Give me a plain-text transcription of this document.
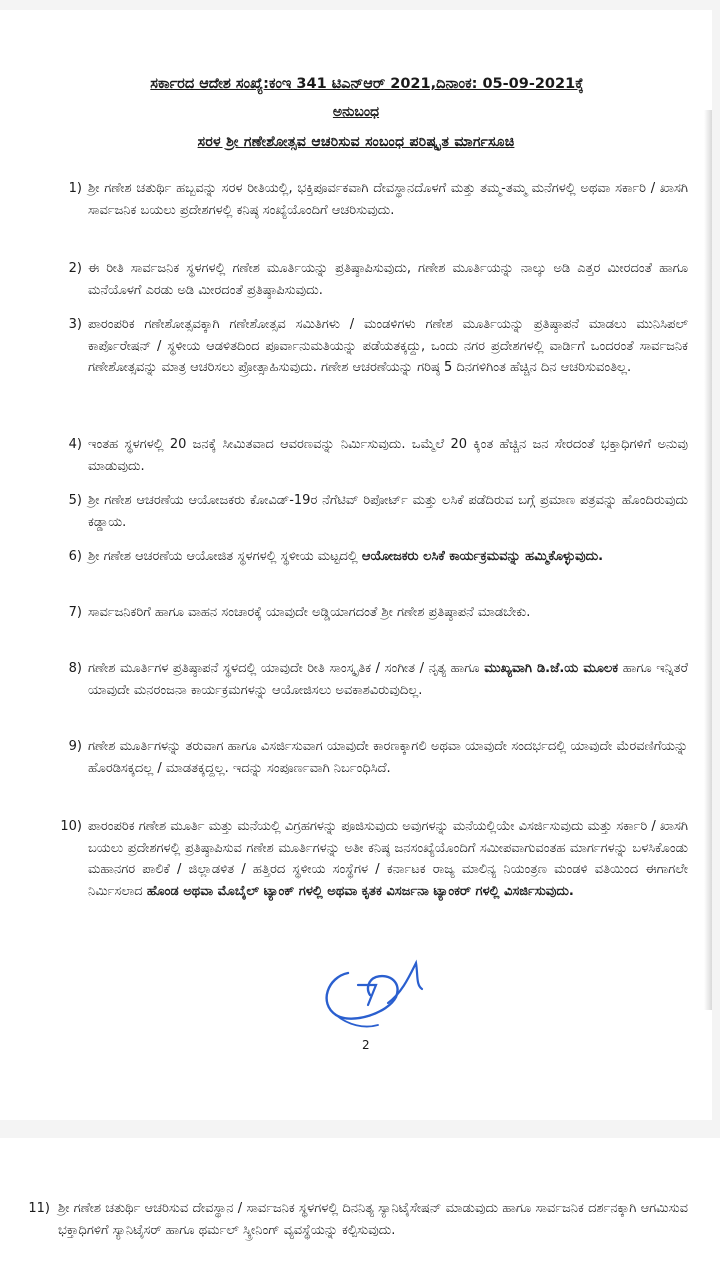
ಸರ್ಕಾರದ ಆದೇಶ ಸಂಖ್ಯೆ:ಕಂಇ 341 ಟಿಎನ್ಆರ್ 2021,ದಿನಾಂಕ: 05-09-2021ಕ್ಕೆ
ಅನುಬಂಧ
ಸರಳ ಶ್ರೀ ಗಣೇಶೋತ್ಸವ ಆಚರಿಸುವ ಸಂಬಂಧ ಪರಿಷ್ಕೃತ ಮಾರ್ಗಸೂಚಿ
1) ಶ್ರೀ ಗಣೇಶ ಚತುರ್ಥಿ ಹಬ್ಬವನ್ನು ಸರಳ ರೀತಿಯಲ್ಲಿ, ಭಕ್ತಿಪೂರ್ವಕವಾಗಿ ದೇವಸ್ಥಾನದೊಳಗೆ ಮತ್ತು ತಮ್ಮ-ತಮ್ಮ ಮನೆಗಳಲ್ಲಿ ಅಥವಾ ಸರ್ಕಾರಿ / ಖಾಸಗಿ ಸಾರ್ವಜನಿಕ ಬಯಲು ಪ್ರದೇಶಗಳಲ್ಲಿ ಕನಿಷ್ಠ ಸಂಖ್ಯೆಯೊಂದಿಗೆ ಆಚರಿಸುವುದು.
2) ಈ ರೀತಿ ಸಾರ್ವಜನಿಕ ಸ್ಥಳಗಳಲ್ಲಿ ಗಣೇಶ ಮೂರ್ತಿಯನ್ನು ಪ್ರತಿಷ್ಠಾಪಿಸುವುದು, ಗಣೇಶ ಮೂರ್ತಿಯನ್ನು ನಾಲ್ಕು ಅಡಿ ಎತ್ತರ ಮೀರದಂತೆ ಹಾಗೂ ಮನೆಯೊಳಗೆ ಎರಡು ಅಡಿ ಮೀರದಂತೆ ಪ್ರತಿಷ್ಠಾಪಿಸುವುದು.
3) ಪಾರಂಪರಿಕ ಗಣೇಶೋತ್ಸವಕ್ಕಾಗಿ ಗಣೇಶೋತ್ಸವ ಸಮಿತಿಗಳು / ಮಂಡಳಿಗಳು ಗಣೇಶ ಮೂರ್ತಿಯನ್ನು ಪ್ರತಿಷ್ಠಾಪನೆ ಮಾಡಲು ಮುನಿಸಿಪಲ್ ಕಾರ್ಪೊರೇಷನ್ / ಸ್ಥಳೀಯ ಆಡಳಿತದಿಂದ ಪೂರ್ವಾನುಮತಿಯನ್ನು ಪಡೆಯತಕ್ಕದ್ದು, ಒಂದು ನಗರ ಪ್ರದೇಶಗಳಲ್ಲಿ ವಾರ್ಡಿಗೆ ಒಂದರಂತೆ ಸಾರ್ವಜನಿಕ ಗಣೇಶೋತ್ಸವನ್ನು ಮಾತ್ರ ಆಚರಿಸಲು ಪ್ರೋತ್ಸಾಹಿಸುವುದು. ಗಣೇಶ ಆಚರಣೆಯನ್ನು ಗರಿಷ್ಠ 5 ದಿನಗಳಿಗಿಂತ ಹೆಚ್ಚಿನ ದಿನ ಆಚರಿಸುವಂತಿಲ್ಲ.
4) ಇಂತಹ ಸ್ಥಳಗಳಲ್ಲಿ 20 ಜನಕ್ಕೆ ಸೀಮಿತವಾದ ಆವರಣವನ್ನು ನಿರ್ಮಿಸುವುದು. ಒಮ್ಮೆಲೆ 20 ಕ್ಕಿಂತ ಹೆಚ್ಚಿನ ಜನ ಸೇರದಂತೆ ಭಕ್ತಾಧಿಗಳಿಗೆ ಅನುವು ಮಾಡುವುದು.
5) ಶ್ರೀ ಗಣೇಶ ಆಚರಣೆಯ ಆಯೋಜಕರು ಕೋವಿಡ್-19ರ ನೆಗೆಟಿವ್ ರಿಪೋರ್ಟ್ ಮತ್ತು ಲಸಿಕೆ ಪಡೆದಿರುವ ಬಗ್ಗೆ ಪ್ರಮಾಣ ಪತ್ರವನ್ನು ಹೊಂದಿರುವುದು ಕಡ್ಡಾಯ.
6) ಶ್ರೀ ಗಣೇಶ ಆಚರಣೆಯ ಆಯೋಜಿತ ಸ್ಥಳಗಳಲ್ಲಿ ಸ್ಥಳೀಯ ಮಟ್ಟದಲ್ಲಿ ಆಯೋಜಕರು ಲಸಿಕೆ ಕಾರ್ಯಕ್ರಮವನ್ನು ಹಮ್ಮಿಕೊಳ್ಳುವುದು.
7) ಸಾರ್ವಜನಿಕರಿಗೆ ಹಾಗೂ ವಾಹನ ಸಂಚಾರಕ್ಕೆ ಯಾವುದೇ ಅಡ್ಡಿಯಾಗದಂತೆ ಶ್ರೀ ಗಣೇಶ ಪ್ರತಿಷ್ಠಾಪನೆ ಮಾಡಬೇಕು.
8) ಗಣೇಶ ಮೂರ್ತಿಗಳ ಪ್ರತಿಷ್ಠಾಪನೆ ಸ್ಥಳದಲ್ಲಿ ಯಾವುದೇ ರೀತಿ ಸಾಂಸ್ಕೃತಿಕ / ಸಂಗೀತ / ನೃತ್ಯ ಹಾಗೂ ಮುಖ್ಯವಾಗಿ ಡಿ.ಜೆ.ಯ ಮೂಲಕ ಹಾಗೂ ಇನ್ನಿತರೆ ಯಾವುದೇ ಮನರಂಜನಾ ಕಾರ್ಯಕ್ರಮಗಳನ್ನು ಆಯೋಜಿಸಲು ಅವಕಾಶವಿರುವುದಿಲ್ಲ.
9) ಗಣೇಶ ಮೂರ್ತಿಗಳನ್ನು ತರುವಾಗ ಹಾಗೂ ವಿಸರ್ಜಿಸುವಾಗ ಯಾವುದೇ ಕಾರಣಕ್ಕಾಗಲಿ ಅಥವಾ ಯಾವುದೇ ಸಂದರ್ಭದಲ್ಲಿ ಯಾವುದೇ ಮೆರವಣಿಗೆಯನ್ನು ಹೊರಡಿಸಕ್ಕದಲ್ಲ / ಮಾಡತಕ್ಕದ್ದಲ್ಲ. ಇದನ್ನು ಸಂಪೂರ್ಣವಾಗಿ ನಿರ್ಬಂಧಿಸಿದೆ.
10) ಪಾರಂಪರಿಕ ಗಣೇಶ ಮೂರ್ತಿ ಮತ್ತು ಮನೆಯಲ್ಲಿ ವಿಗ್ರಹಗಳನ್ನು ಪೂಜಿಸುವುದು ಅವುಗಳನ್ನು ಮನೆಯಲ್ಲಿಯೇ ವಿಸರ್ಜಿಸುವುದು ಮತ್ತು ಸರ್ಕಾರಿ / ಖಾಸಗಿ ಬಯಲು ಪ್ರದೇಶಗಳಲ್ಲಿ ಪ್ರತಿಷ್ಠಾಪಿಸುವ ಗಣೇಶ ಮೂರ್ತಿಗಳನ್ನು ಅತೀ ಕನಿಷ್ಠ ಜನಸಂಖ್ಯೆಯೊಂದಿಗೆ ಸಮೀಪವಾಗುವಂತಹ ಮಾರ್ಗಗಳನ್ನು ಬಳಸಿಕೊಂಡು ಮಹಾನಗರ ಪಾಲಿಕೆ / ಜಿಲ್ಲಾಡಳಿತ / ಹತ್ತಿರದ ಸ್ಥಳೀಯ ಸಂಸ್ಥೆಗಳ / ಕರ್ನಾಟಕ ರಾಜ್ಯ ಮಾಲಿನ್ಯ ನಿಯಂತ್ರಣ ಮಂಡಳಿ ವತಿಯಿಂದ ಈಗಾಗಲೇ ನಿರ್ಮಿಸಲಾದ ಹೊಂಡ ಅಥವಾ ಮೊಬೈಲ್ ಟ್ಯಾಂಕ್ ಗಳಲ್ಲಿ ಅಥವಾ ಕೃತಕ ವಿಸರ್ಜನಾ ಟ್ಯಾಂಕರ್ ಗಳಲ್ಲಿ ವಿಸರ್ಜಿಸುವುದು.
2
11) ಶ್ರೀ ಗಣೇಶ ಚತುರ್ಥಿ ಆಚರಿಸುವ ದೇವಸ್ಥಾನ / ಸಾರ್ವಜನಿಕ ಸ್ಥಳಗಳಲ್ಲಿ ದಿನನಿತ್ಯ ಸ್ಯಾನಿಟೈಸೇಷನ್ ಮಾಡುವುದು ಹಾಗೂ ಸಾರ್ವಜನಿಕ ದರ್ಶನಕ್ಕಾಗಿ ಆಗಮಿಸುವ ಭಕ್ತಾಧಿಗಳಿಗೆ ಸ್ಯಾನಿಟೈಸರ್ ಹಾಗೂ ಥರ್ಮಲ್ ಸ್ಕ್ರೀನಿಂಗ್ ವ್ಯವಸ್ಥೆಯನ್ನು ಕಲ್ಪಿಸುವುದು.
